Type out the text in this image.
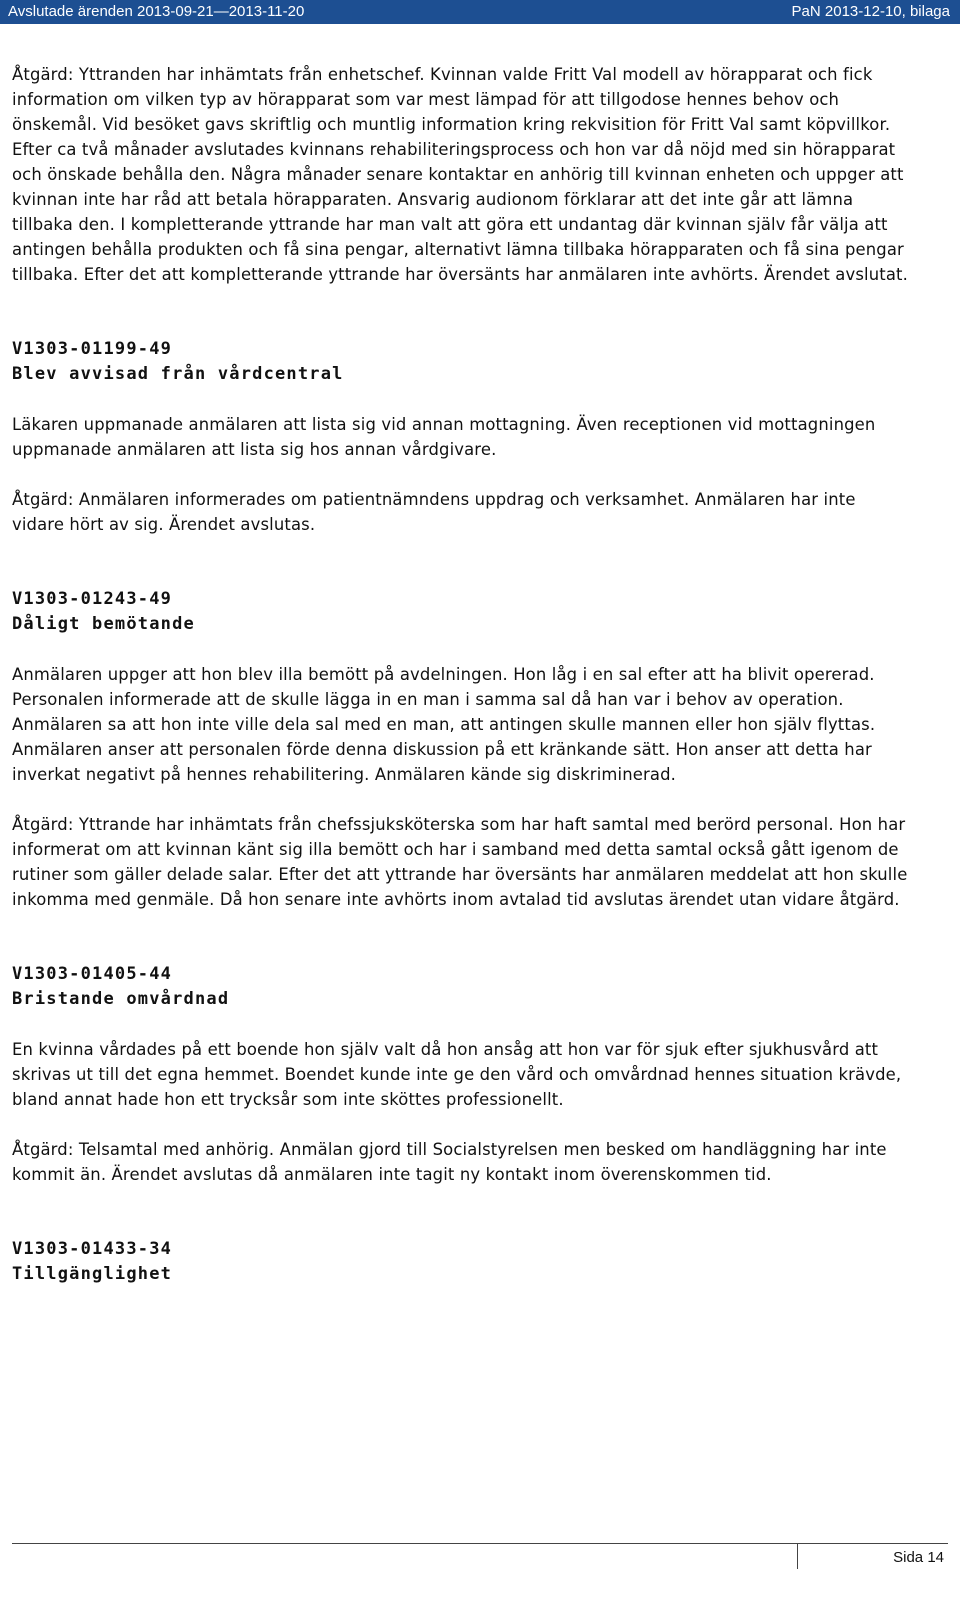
Avslutade ärenden 2013-09-21—2013-11-20	PaN 2013-12-10, bilaga

Åtgärd: Yttranden har inhämtats från enhetschef. Kvinnan valde Fritt Val modell av hörapparat och fick information om vilken typ av hörapparat som var mest lämpad för att tillgodose hennes behov och önskemål. Vid besöket gavs skriftlig och muntlig information kring rekvisition för Fritt Val samt köpvillkor. Efter ca två månader avslutades kvinnans rehabiliteringsprocess och hon var då nöjd med sin hörapparat och önskade behålla den. Några månader senare kontaktar en anhörig till kvinnan enheten och uppger att kvinnan inte har råd att betala hörapparaten. Ansvarig audionom förklarar att det inte går att lämna tillbaka den. I kompletterande yttrande har man valt att göra ett undantag där kvinnan själv får välja att antingen behålla produkten och få sina pengar, alternativt lämna tillbaka hörapparaten och få sina pengar tillbaka. Efter det att kompletterande yttrande har översänts har anmälaren inte avhörts. Ärendet avslutat.

V1303-01199-49
Blev avvisad från vårdcentral

Läkaren uppmanade anmälaren att lista sig vid annan mottagning. Även receptionen vid mottagningen uppmanade anmälaren att lista sig hos annan vårdgivare.

Åtgärd: Anmälaren informerades om patientnämndens uppdrag och verksamhet. Anmälaren har inte vidare hört av sig. Ärendet avslutas.

V1303-01243-49
Dåligt bemötande

Anmälaren uppger att hon blev illa bemött på avdelningen. Hon låg i en sal efter att ha blivit opererad. Personalen informerade att de skulle lägga in en man i samma sal då han var i behov av operation. Anmälaren sa att hon inte ville dela sal med en man, att antingen skulle mannen eller hon själv flyttas. Anmälaren anser att personalen förde denna diskussion på ett kränkande sätt. Hon anser att detta har inverkat negativt på hennes rehabilitering. Anmälaren kände sig diskriminerad.

Åtgärd: Yttrande har inhämtats från chefssjuksköterska som har haft samtal med berörd personal. Hon har informerat om att kvinnan känt sig illa bemött och har i samband med detta samtal också gått igenom de rutiner som gäller delade salar. Efter det att yttrande har översänts har anmälaren meddelat att hon skulle inkomma med genmäle. Då hon senare inte avhörts inom avtalad tid avslutas ärendet utan vidare åtgärd.

V1303-01405-44
Bristande omvårdnad

En kvinna vårdades på ett boende hon själv valt då hon ansåg att hon var för sjuk efter sjukhusvård att skrivas ut till det egna hemmet. Boendet kunde inte ge den vård och omvårdnad hennes situation krävde, bland annat hade hon ett trycksår som inte sköttes professionellt.

Åtgärd: Telsamtal med anhörig. Anmälan gjord till Socialstyrelsen men besked om handläggning har inte kommit än. Ärendet avslutas då anmälaren inte tagit ny kontakt inom överenskommen tid.

V1303-01433-34
Tillgänglighet
Sida 14
